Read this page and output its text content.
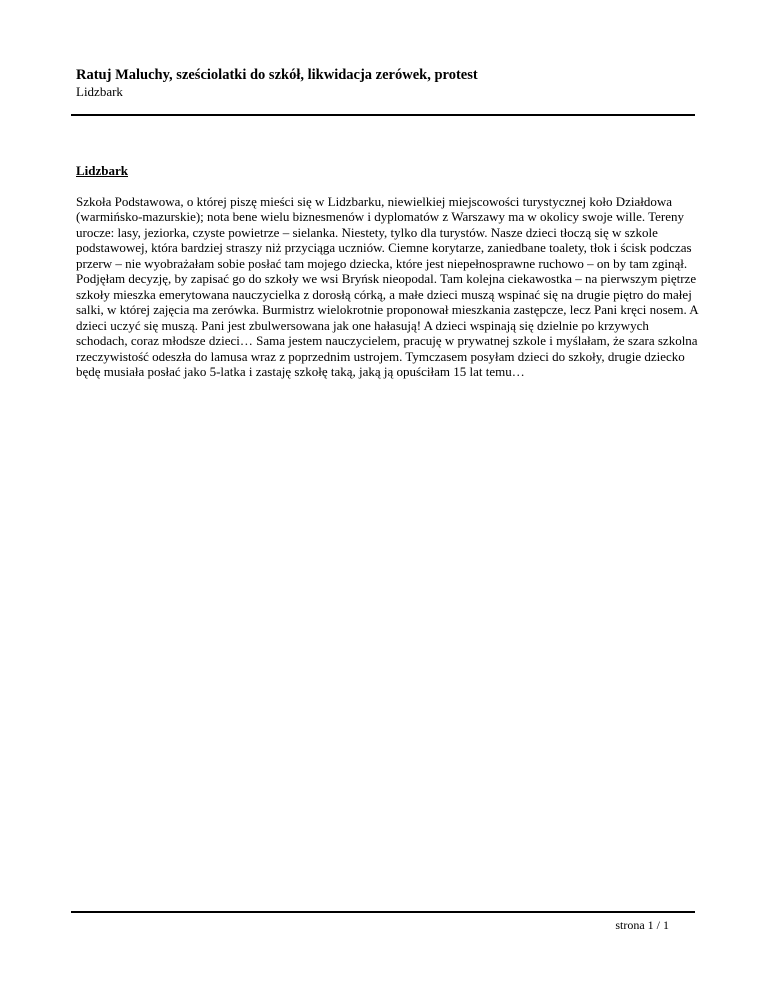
Ratuj Maluchy, sześciolatki do szkół, likwidacja zerówek, protest

Lidzbark

Lidzbark

Szkoła Podstawowa, o której piszę mieści się w Lidzbarku, niewielkiej miejscowości turystycznej koło Działdowa (warmińsko-mazurskie); nota bene wielu biznesmenów i dyplomatów z Warszawy ma w okolicy swoje wille. Tereny urocze: lasy, jeziorka, czyste powietrze – sielanka. Niestety, tylko dla turystów. Nasze dzieci tłoczą się w szkole podstawowej, która bardziej straszy niż przyciąga uczniów. Ciemne korytarze, zaniedbane toalety, tłok i ścisk podczas przerw – nie wyobrażałam sobie posłać tam mojego dziecka, które jest niepełnosprawne ruchowo – on by tam zginął. Podjęłam decyzję, by zapisać go do szkoły we wsi Bryńsk nieopodal. Tam kolejna ciekawostka – na pierwszym piętrze szkoły mieszka emerytowana nauczycielka z dorosłą córką, a małe dzieci muszą wspinać się na drugie piętro do małej salki, w której zajęcia ma zerówka. Burmistrz wielokrotnie proponował mieszkania zastępcze, lecz Pani kręci nosem. A dzieci uczyć się muszą. Pani jest zbulwersowana jak one hałasują! A dzieci wspinają się dzielnie po krzywych schodach, coraz młodsze dzieci… Sama jestem nauczycielem, pracuję w prywatnej szkole i myślałam, że szara szkolna rzeczywistość odeszła do lamusa wraz z poprzednim ustrojem. Tymczasem posyłam dzieci do szkoły, drugie dziecko będę musiała posłać jako 5-latka i zastaję szkołę taką, jaką ją opuściłam 15 lat temu…

strona 1 / 1
